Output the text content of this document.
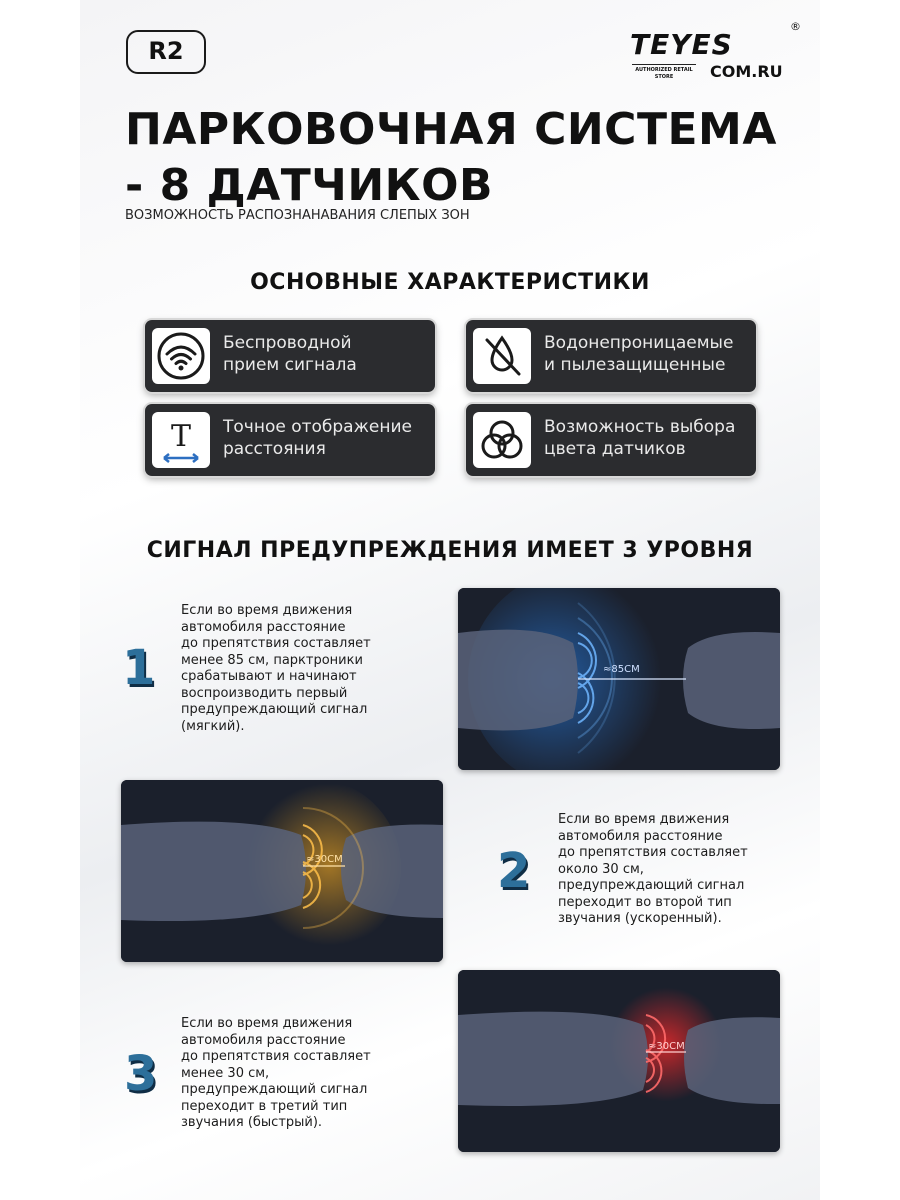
R2	TEYES
®
AUTHORIZED RETAIL STORE	COM.RU
ПАРКОВОЧНАЯ СИСТЕМА
- 8 ДАТЧИКОВ
ВОЗМОЖНОСТЬ РАСПОЗНАНАВАНИЯ СЛЕПЫХ ЗОН
ОСНОВНЫЕ ХАРАКТЕРИСТИКИ
Беспроводной
прием сигнала
Водонепроницаемые
и пылезащищенные
T Точное отображение
расстояния
Возможность выбора
цвета датчиков
СИГНАЛ ПРЕДУПРЕЖДЕНИЯ ИМЕЕТ 3 УРОВНЯ
1
Если во время движения
автомобиля расстояние
до препятствия составляет
менее 85 см, парктроники
срабатывают и начинают
воспроизводить первый
предупреждающий сигнал
(мягкий).
≈85CM
≈30CM	2
Если во время движения
автомобиля расстояние
до препятствия составляет
около 30 см,
предупреждающий сигнал
переходит во второй тип
звучания (ускоренный).
3
Если во время движения
автомобиля расстояние
до препятствия составляет
менее 30 см,
предупреждающий сигнал
переходит в третий тип
звучания (быстрый).
≈30CM
